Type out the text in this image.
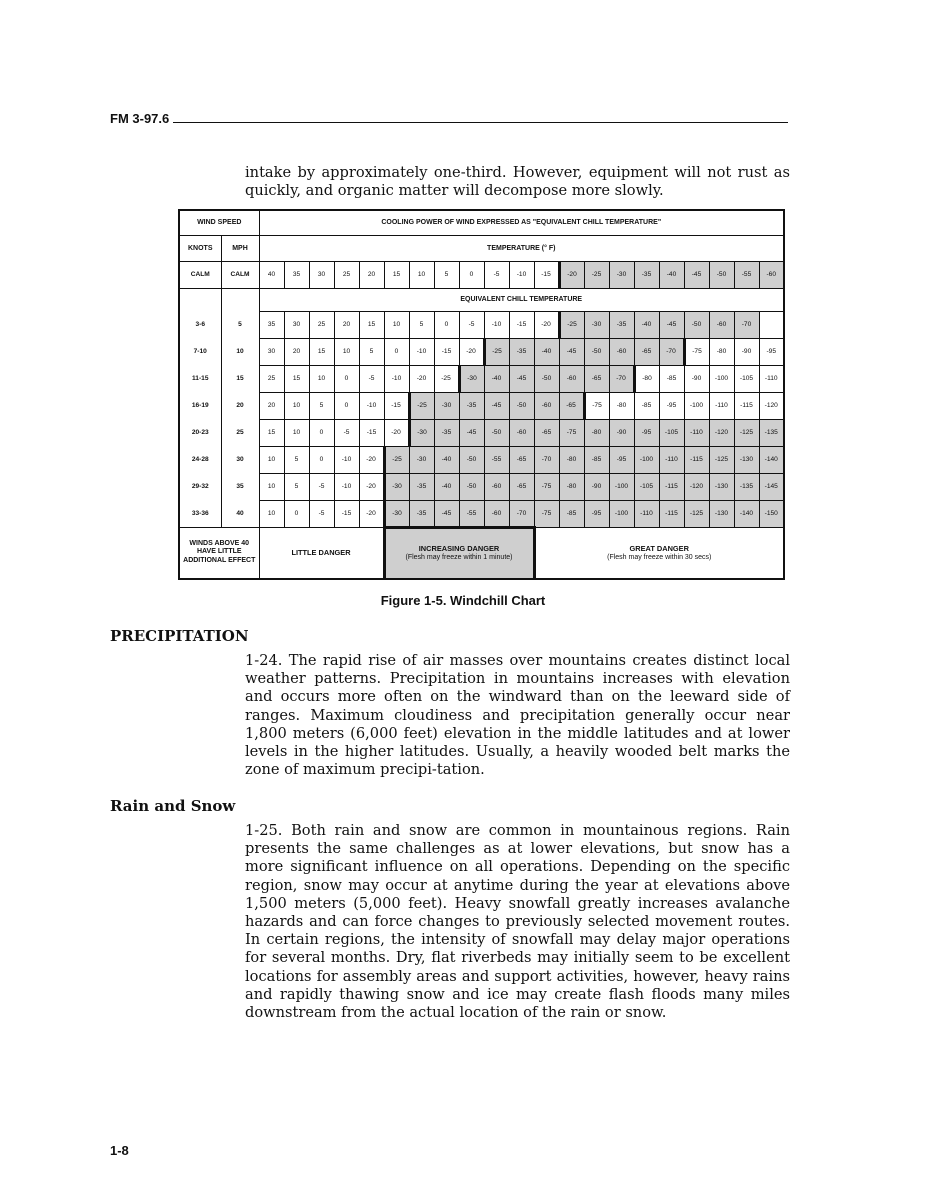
FM 3-97.6

intake by approximately one-third. However, equipment will not rust as quickly, and organic matter will decompose more slowly.

WIND SPEED		COOLING POWER OF WIND EXPRESSED AS "EQUIVALENT CHILL TEMPERATURE"																				
KNOTS	MPH	TEMPERATURE (° F)																				
CALM	CALM	40	35	30	25	20	15	10	5	0	-5	-10	-15	-20	-25	-30	-35	-40	-45	-50	-55	-60
		EQUIVALENT CHILL TEMPERATURE																				
3-6	5	35	30	25	20	15	10	5	0	-5	-10	-15	-20	-25	-30	-35	-40	-45	-50	-60	-70	
7-10	10	30	20	15	10	5	0	-10	-15	-20	-25	-35	-40	-45	-50	-60	-65	-70	-75	-80	-90	-95
11-15	15	25	15	10	0	-5	-10	-20	-25	-30	-40	-45	-50	-60	-65	-70	-80	-85	-90	-100	-105	-110
16-19	20	20	10	5	0	-10	-15	-25	-30	-35	-45	-50	-60	-65	-75	-80	-85	-95	-100	-110	-115	-120
20-23	25	15	10	0	-5	-15	-20	-30	-35	-45	-50	-60	-65	-75	-80	-90	-95	-105	-110	-120	-125	-135
24-28	30	10	5	0	-10	-20	-25	-30	-40	-50	-55	-65	-70	-80	-85	-95	-100	-110	-115	-125	-130	-140
29-32	35	10	5	-5	-10	-20	-30	-35	-40	-50	-60	-65	-75	-80	-90	-100	-105	-115	-120	-130	-135	-145
33-36	40	10	0	-5	-15	-20	-30	-35	-45	-55	-60	-70	-75	-85	-95	-100	-110	-115	-125	-130	-140	-150
WINDS ABOVE 40 HAVE LITTLE ADDITIONAL EFFECT		LITTLE DANGER					INCREASING DANGER
(Flesh may freeze within 1 minute)						GREAT DANGER
(Flesh may freeze within 30 secs)									
Figure 1-5. Windchill Chart
PRECIPITATION

1-24. The rapid rise of air masses over mountains creates distinct local weather patterns. Precipitation in mountains increases with elevation and occurs more often on the windward than on the leeward side of ranges. Maximum cloudiness and precipitation generally occur near 1,800 meters (6,000 feet) elevation in the middle latitudes and at lower levels in the higher latitudes. Usually, a heavily wooded belt marks the zone of maximum precipi-tation.

Rain and Snow

1-25. Both rain and snow are common in mountainous regions. Rain presents the same challenges as at lower elevations, but snow has a more significant influence on all operations. Depending on the specific region, snow may occur at anytime during the year at elevations above 1,500 meters (5,000 feet). Heavy snowfall greatly increases avalanche hazards and can force changes to previously selected movement routes. In certain regions, the intensity of snowfall may delay major operations for several months. Dry, flat riverbeds may initially seem to be excellent locations for assembly areas and support activities, however, heavy rains and rapidly thawing snow and ice may create flash floods many miles downstream from the actual location of the rain or snow.

1-8
